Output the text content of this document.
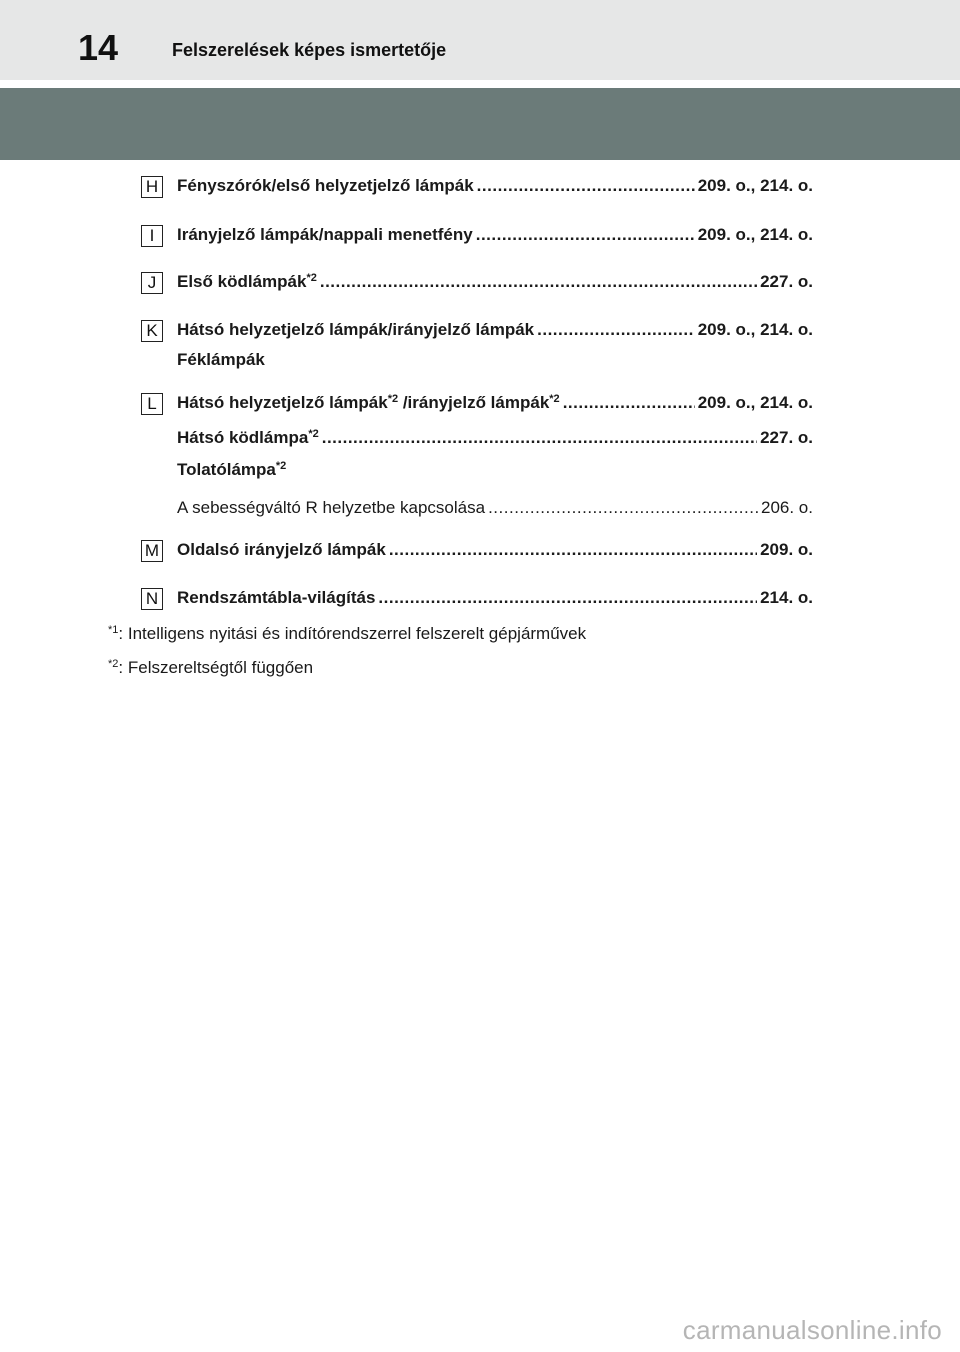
14	Felszerelések képes ismertetője
H Fényszórók/első helyzetjelző lámpák .....	209. o., 214. o.
I	Irányjelző lámpák/nappali menetfény .....	209. o., 214. o.
J	Első ködlámpák$^{*2}$ .....	227. o.
K	Hátsó helyzetjelző lámpák/irányjelző lámpák .....	209. o., 214. o.
Féklámpák
L	Hátsó helyzetjelző lámpák$^{*2}$ /irányjelző lámpák$^{*2}$ .....	209. o., 214. o.
Hátsó ködlámpa$^{*2}$ .....	227. o.
Tolatólámpa$^{*2}$
A sebességváltó R helyzetbe kapcsolása .....	206. o.
M Oldalsó irányjelző lámpák .....	209. o.
N Rendszámtábla-világítás .....	214. o.
$^{*1}$: Intelligens nyitási és indítórendszerrel felszerelt gépjárművek
$^{*2}$: Felszereltségtől függően
carmanualsonline.info
